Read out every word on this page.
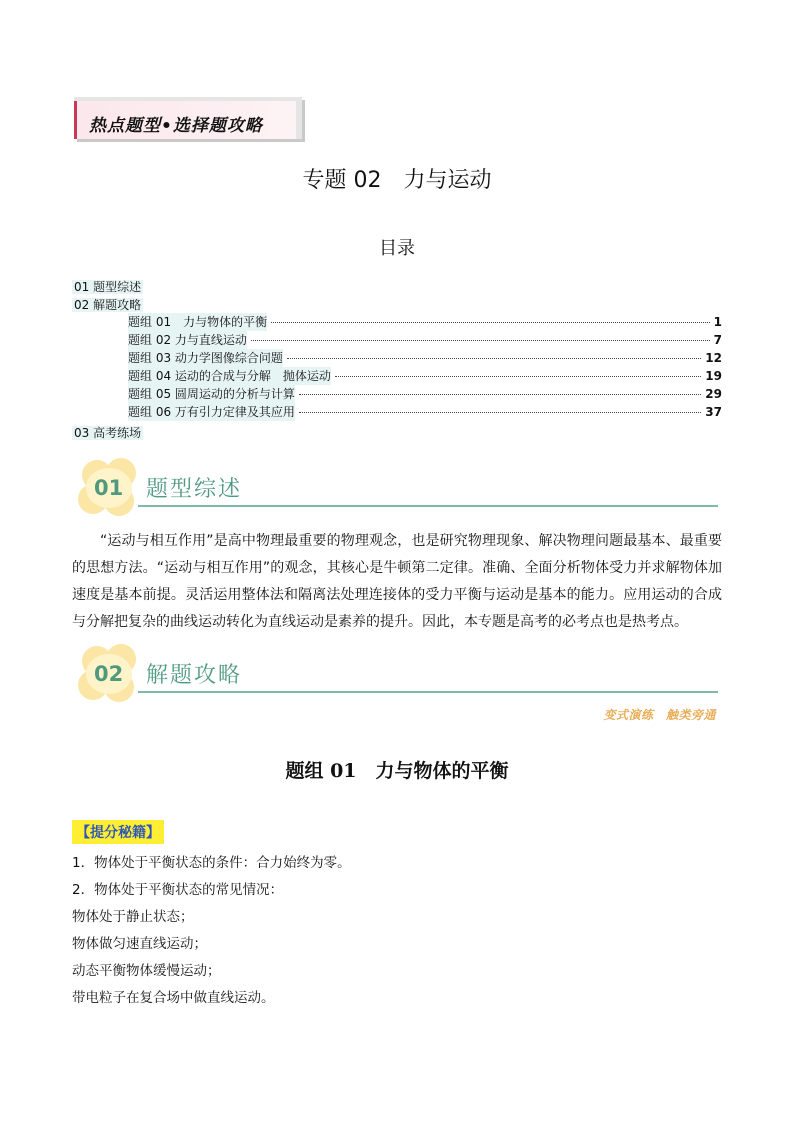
热点题型•选择题攻略
专题 02　力与运动
目录
01 题型综述
02 解题攻略
题组 01　力与物体的平衡	1
题组 02 力与直线运动	7
题组 03 动力学图像综合问题	12
题组 04 运动的合成与分解　抛体运动	19
题组 05 圆周运动的分析与计算	29
题组 06 万有引力定律及其应用	37
03 高考练场
01 题型综述
“运动与相互作用”是高中物理最重要的物理观念，也是研究物理现象、解决物理问题最基本、最重要的思想方法。“运动与相互作用”的观念，其核心是牛顿第二定律。准确、全面分析物体受力并求解物体加速度是基本前提。灵活运用整体法和隔离法处理连接体的受力平衡与运动是基本的能力。应用运动的合成与分解把复杂的曲线运动转化为直线运动是素养的提升。因此，本专题是高考的必考点也是热考点。
02 解题攻略
变式演练　触类旁通
题组 01　力与物体的平衡
【提分秘籍】
1．物体处于平衡状态的条件：合力始终为零。
2．物体处于平衡状态的常见情况：
物体处于静止状态；
物体做匀速直线运动；
动态平衡物体缓慢运动；
带电粒子在复合场中做直线运动。
